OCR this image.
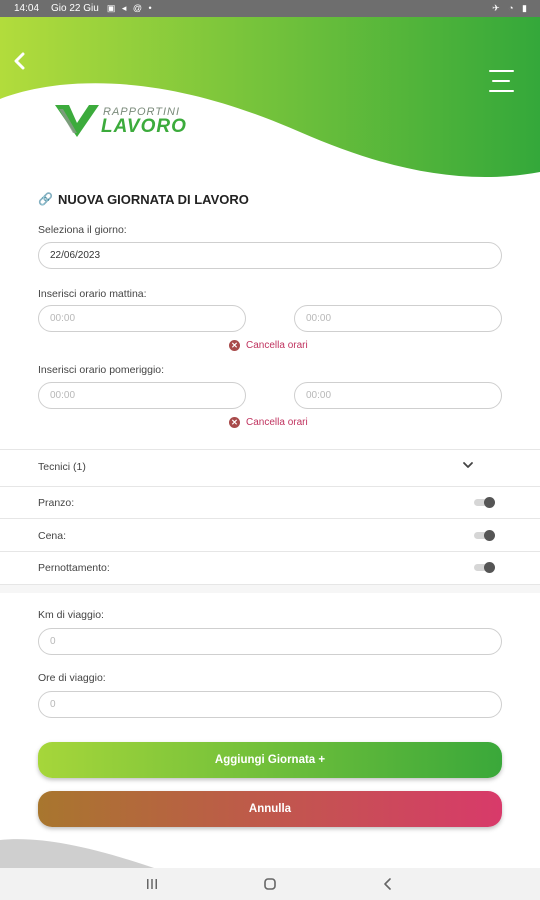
14:04 Gio 22 Giu ▣ ◂ @ •	✈ ◔ ▮
RAPPORTINI
LAVORO
🔗 NUOVA GIORNATA DI LAVORO
Seleziona il giorno:
22/06/2023
Inserisci orario mattina:
00:00	00:00
✕ Cancella orari
Inserisci orario pomeriggio:
00:00	00:00
✕ Cancella orari
Tecnici (1)
Pranzo:
Cena:
Pernottamento:
Km di viaggio:
0
Ore di viaggio:
0
Aggiungi Giornata +
Annulla
